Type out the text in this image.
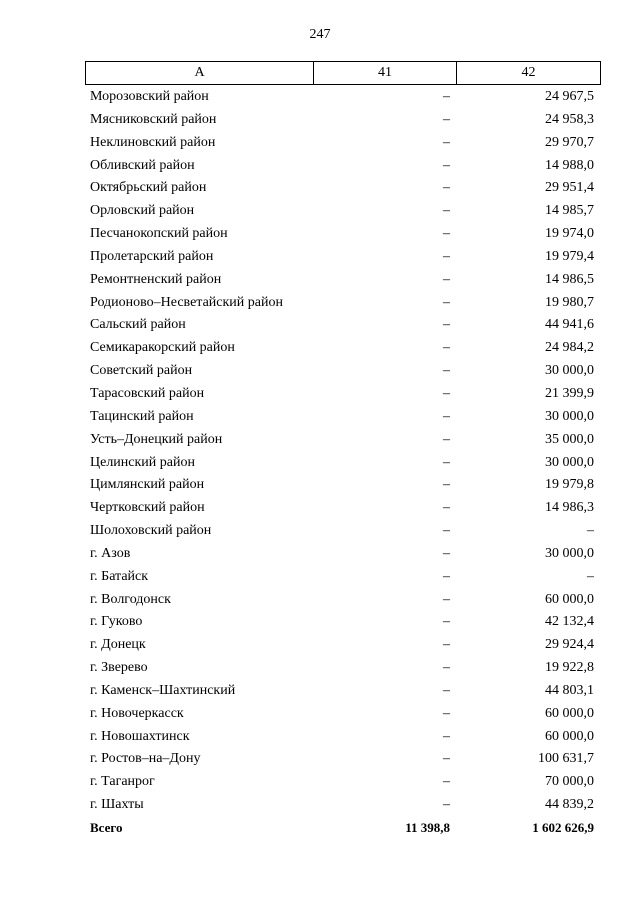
247
А	41	42
Морозовский район	–	24 967,5
Мясниковский район	–	24 958,3
Неклиновский район	–	29 970,7
Обливский район	–	14 988,0
Октябрьский район	–	29 951,4
Орловский район	–	14 985,7
Песчанокопский район	–	19 974,0
Пролетарский район	–	19 979,4
Ремонтненский район	–	14 986,5
Родионово–Несветайский район	–	19 980,7
Сальский район	–	44 941,6
Семикаракорский район	–	24 984,2
Советский район	–	30 000,0
Тарасовский район	–	21 399,9
Тацинский район	–	30 000,0
Усть–Донецкий район	–	35 000,0
Целинский район	–	30 000,0
Цимлянский район	–	19 979,8
Чертковский район	–	14 986,3
Шолоховский район	–	–
г. Азов	–	30 000,0
г. Батайск	–	–
г. Волгодонск	–	60 000,0
г. Гуково	–	42 132,4
г. Донецк	–	29 924,4
г. Зверево	–	19 922,8
г. Каменск–Шахтинский	–	44 803,1
г. Новочеркасск	–	60 000,0
г. Новошахтинск	–	60 000,0
г. Ростов–на–Дону	–	100 631,7
г. Таганрог	–	70 000,0
г. Шахты	–	44 839,2
Всего	11 398,8	1 602 626,9
